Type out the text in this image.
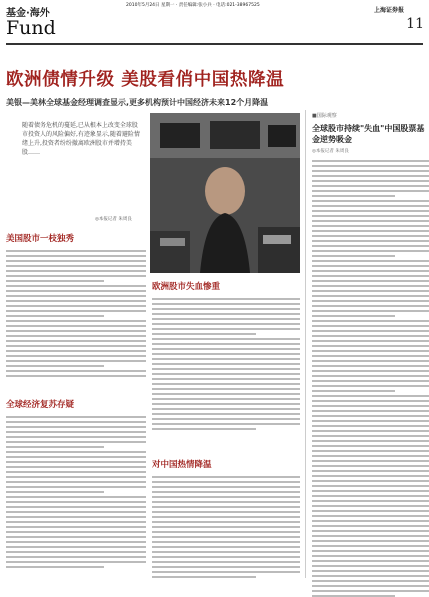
基金·海外
Fund
2010年5月24日 星期一 · 责任编辑:张小兵 · 电话:021-38967525
上海证券报
11
欧洲债情升级 美股看俏中国热降温
美银—美林全球基金经理调查显示,更多机构预计中国经济未来12个月降温
随着债务危机的蔓延,已从根本上改变全球股市投资人的风险偏好,有迹象显示,随着避险情绪上升,投资者纷纷撤离欧洲股市并增持美股……
◎本报记者 朱周良
美国股市一枝独秀
全球经济复苏存疑
欧洲股市失血惨重
对中国热情降温
■国际观察
全球股市持续"失血"中国股票基金逆势吸金
◎本报记者 朱周良
